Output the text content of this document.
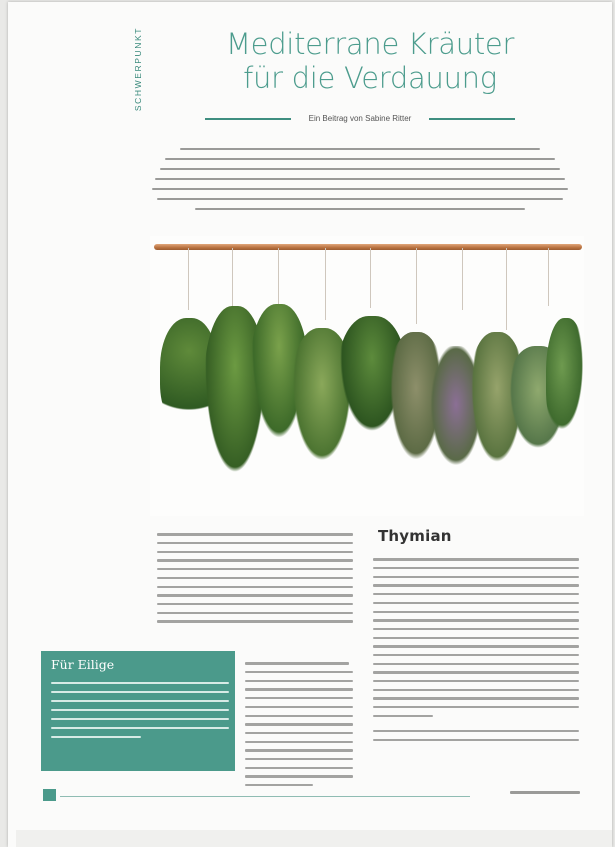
SCHWERPUNKT	Mediterrane Kräuter
für die Verdauung
Ein Beitrag von Sabine Ritter
Für Eilige
Thymian
